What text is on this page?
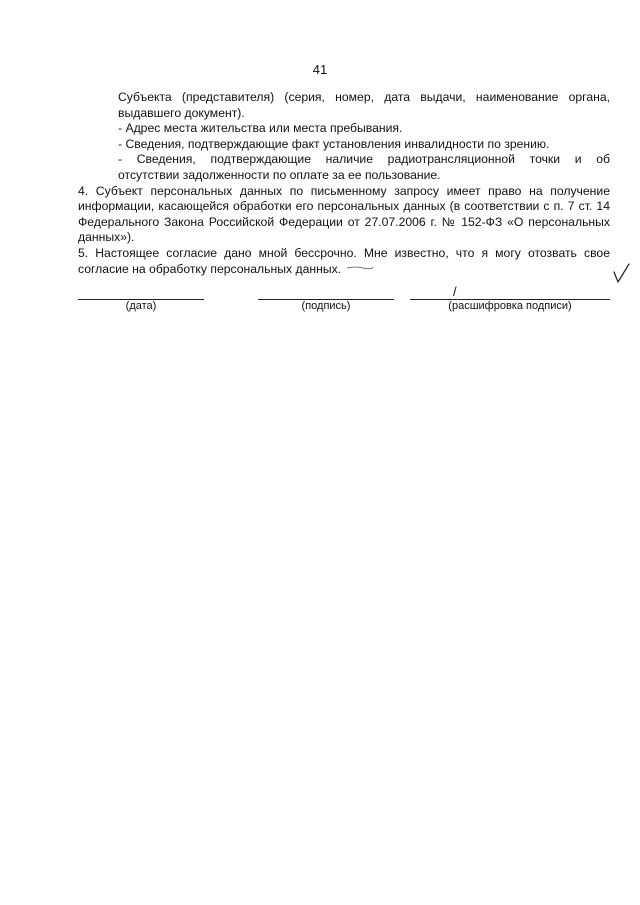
41

Субъекта (представителя) (серия, номер, дата выдачи, наименование органа, выдавшего документ).

- Адрес места жительства или места пребывания.

- Сведения, подтверждающие факт установления инвалидности по зрению.

- Сведения, подтверждающие наличие радиотрансляционной точки и об

отсутствии задолженности по оплате за ее пользование.

4. Субъект персональных данных по письменному запросу имеет право на получение информации, касающейся обработки его персональных данных (в соответствии с п. 7 ст. 14 Федерального Закона Российской Федерации от 27.07.2006 г. № 152-ФЗ «О персональных данных»).

5. Настоящее согласие дано мной бессрочно. Мне известно, что я могу отозвать свое согласие на обработку персональных данных.

(дата)	(подпись)
/
(расшифровка подписи)
